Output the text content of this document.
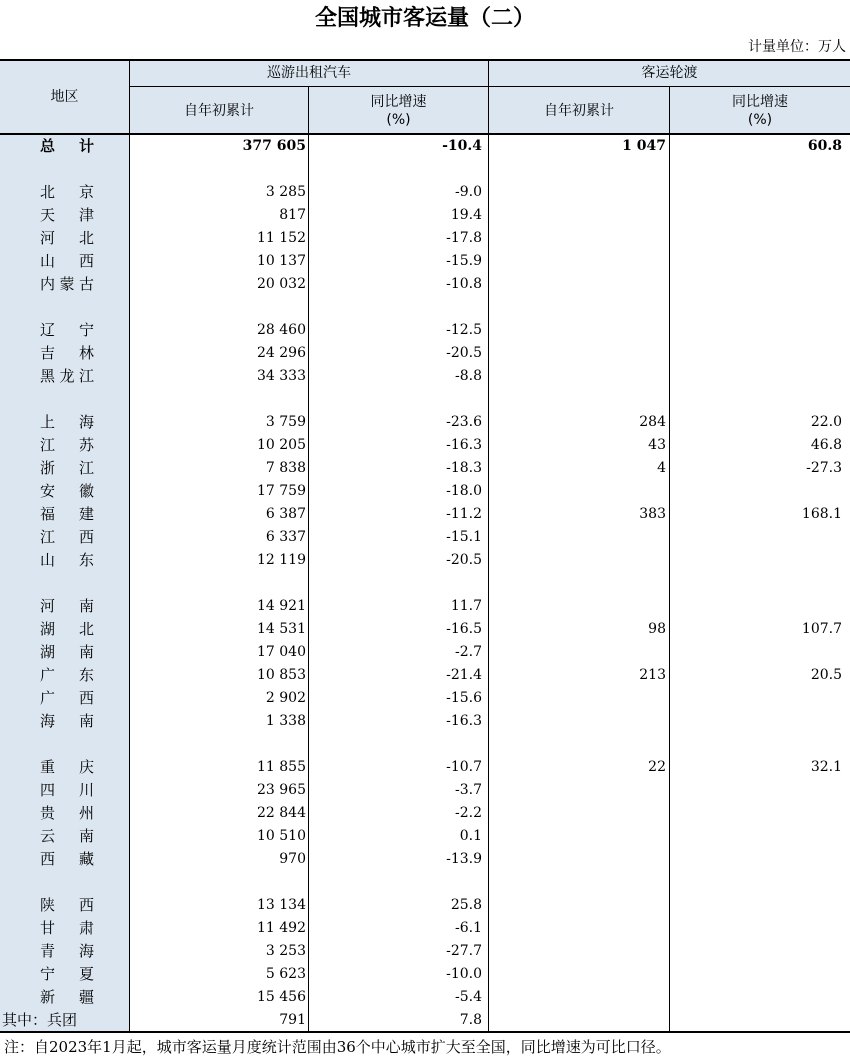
全国城市客运量（二）
计量单位：万人
地区
巡游出租汽车	客运轮渡
自年初累计
同比增速
(%)
自年初累计
同比增速
(%)
总　计	377 605	-10.4	1 047	60.8
北　京	3 285	-9.0
天　津	817	19.4
河　北	11 152	-17.8
山　西	10 137	-15.9
内蒙古	20 032	-10.8
辽　宁	28 460	-12.5
吉　林	24 296	-20.5
黑龙江	34 333	-8.8
上　海	3 759	-23.6	284	22.0
江　苏	10 205	-16.3	43	46.8
浙　江	7 838	-18.3	4	-27.3
安　徽	17 759	-18.0
福　建	6 387	-11.2	383	168.1
江　西	6 337	-15.1
山　东	12 119	-20.5
河　南	14 921	11.7
湖　北	14 531	-16.5	98	107.7
湖　南	17 040	-2.7
广　东	10 853	-21.4	213	20.5
广　西	2 902	-15.6
海　南	1 338	-16.3
重　庆	11 855	-10.7	22	32.1
四　川	23 965	-3.7
贵　州	22 844	-2.2
云　南	10 510	0.1
西　藏	970	-13.9
陕　西	13 134	25.8
甘　肃	11 492	-6.1
青　海	3 253	-27.7
宁　夏	5 623	-10.0
新　疆	15 456	-5.4
其中：兵团	791	7.8
注：自2023年1月起，城市客运量月度统计范围由36个中心城市扩大至全国，同比增速为可比口径。
